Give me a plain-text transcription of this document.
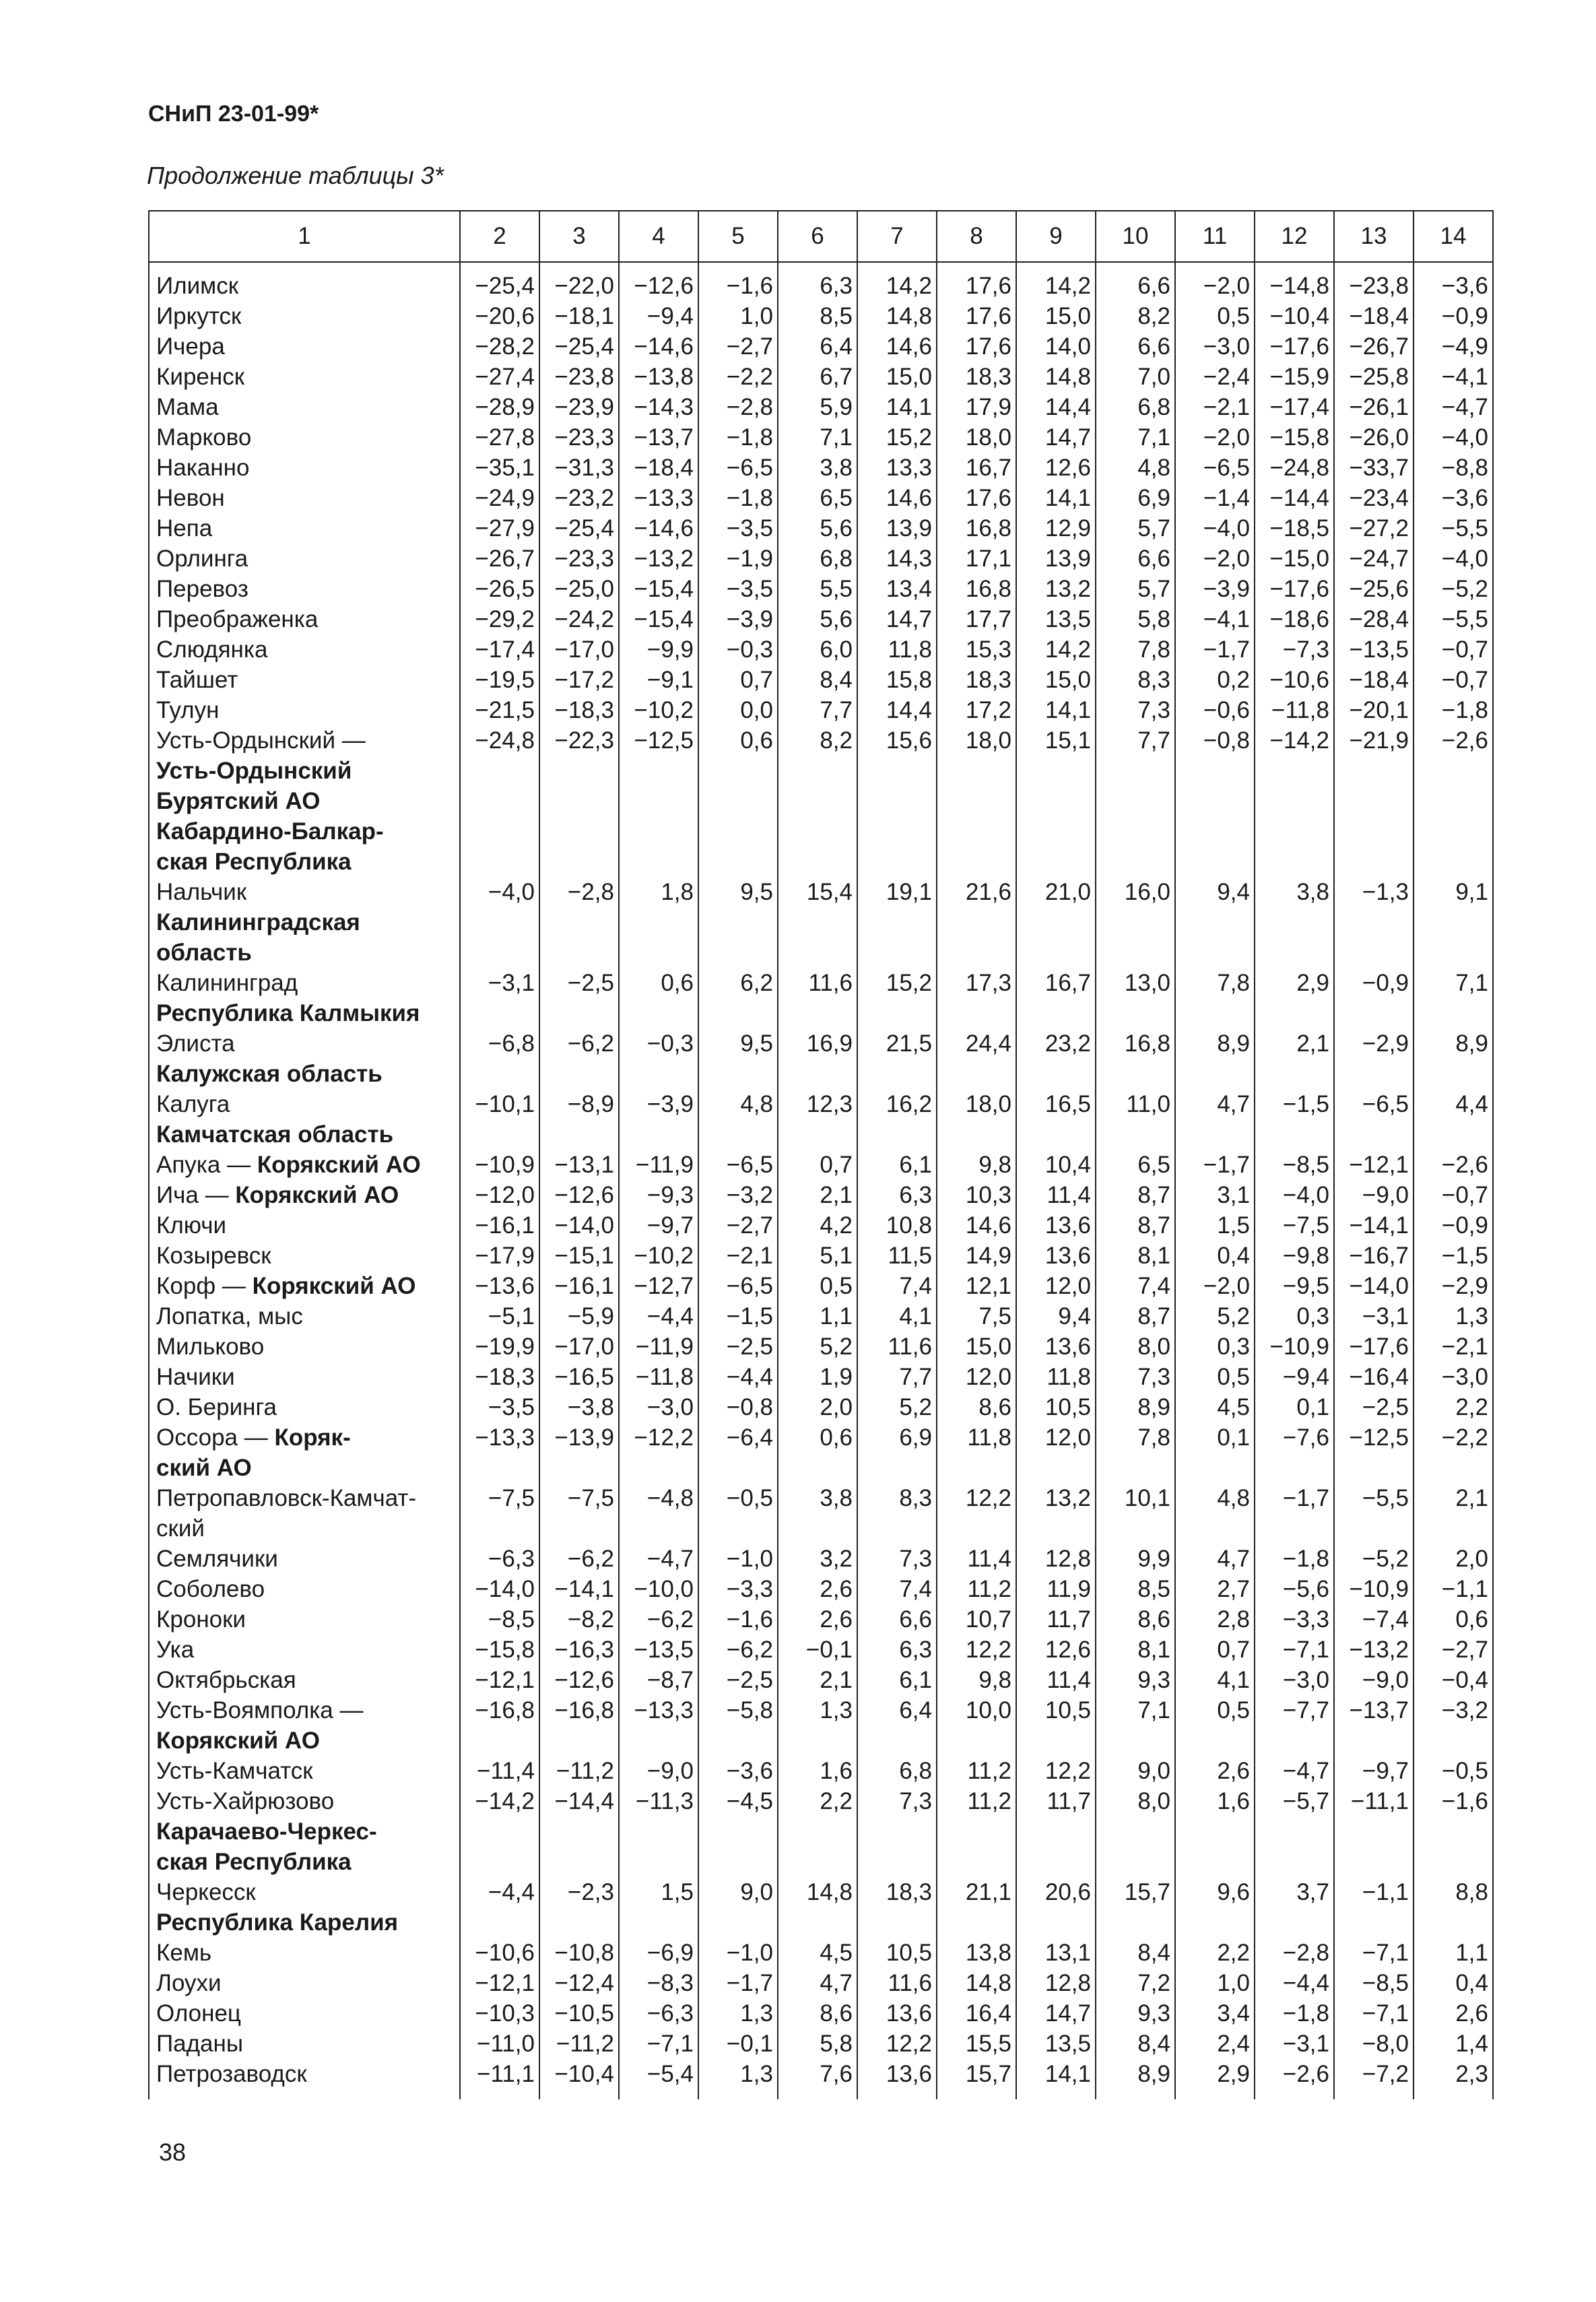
СНиП 23-01-99*
Продолжение таблицы 3*
1	2	3	4	5	6	7	8	9	10	11	12	13	14
Илимск	−25,4	−22,0	−12,6	−1,6	6,3	14,2	17,6	14,2	6,6	−2,0	−14,8	−23,8	−3,6
Иркутск	−20,6	−18,1	−9,4	1,0	8,5	14,8	17,6	15,0	8,2	0,5	−10,4	−18,4	−0,9
Ичера	−28,2	−25,4	−14,6	−2,7	6,4	14,6	17,6	14,0	6,6	−3,0	−17,6	−26,7	−4,9
Киренск	−27,4	−23,8	−13,8	−2,2	6,7	15,0	18,3	14,8	7,0	−2,4	−15,9	−25,8	−4,1
Мама	−28,9	−23,9	−14,3	−2,8	5,9	14,1	17,9	14,4	6,8	−2,1	−17,4	−26,1	−4,7
Марково	−27,8	−23,3	−13,7	−1,8	7,1	15,2	18,0	14,7	7,1	−2,0	−15,8	−26,0	−4,0
Наканно	−35,1	−31,3	−18,4	−6,5	3,8	13,3	16,7	12,6	4,8	−6,5	−24,8	−33,7	−8,8
Невон	−24,9	−23,2	−13,3	−1,8	6,5	14,6	17,6	14,1	6,9	−1,4	−14,4	−23,4	−3,6
Непа	−27,9	−25,4	−14,6	−3,5	5,6	13,9	16,8	12,9	5,7	−4,0	−18,5	−27,2	−5,5
Орлинга	−26,7	−23,3	−13,2	−1,9	6,8	14,3	17,1	13,9	6,6	−2,0	−15,0	−24,7	−4,0
Перевоз	−26,5	−25,0	−15,4	−3,5	5,5	13,4	16,8	13,2	5,7	−3,9	−17,6	−25,6	−5,2
Преображенка	−29,2	−24,2	−15,4	−3,9	5,6	14,7	17,7	13,5	5,8	−4,1	−18,6	−28,4	−5,5
Слюдянка	−17,4	−17,0	−9,9	−0,3	6,0	11,8	15,3	14,2	7,8	−1,7	−7,3	−13,5	−0,7
Тайшет	−19,5	−17,2	−9,1	0,7	8,4	15,8	18,3	15,0	8,3	0,2	−10,6	−18,4	−0,7
Тулун	−21,5	−18,3	−10,2	0,0	7,7	14,4	17,2	14,1	7,3	−0,6	−11,8	−20,1	−1,8
Усть-Ордынский —	−24,8	−22,3	−12,5	0,6	8,2	15,6	18,0	15,1	7,7	−0,8	−14,2	−21,9	−2,6
Усть-Ордынский													
Бурятский АО													
Кабардино-Балкар-													
ская Республика													
Нальчик	−4,0	−2,8	1,8	9,5	15,4	19,1	21,6	21,0	16,0	9,4	3,8	−1,3	9,1
Калининградская													
область													
Калининград	−3,1	−2,5	0,6	6,2	11,6	15,2	17,3	16,7	13,0	7,8	2,9	−0,9	7,1
Республика Калмыкия													
Элиста	−6,8	−6,2	−0,3	9,5	16,9	21,5	24,4	23,2	16,8	8,9	2,1	−2,9	8,9
Калужская область													
Калуга	−10,1	−8,9	−3,9	4,8	12,3	16,2	18,0	16,5	11,0	4,7	−1,5	−6,5	4,4
Камчатская область													
Апука — Корякский АО	−10,9	−13,1	−11,9	−6,5	0,7	6,1	9,8	10,4	6,5	−1,7	−8,5	−12,1	−2,6
Ича — Корякский АО	−12,0	−12,6	−9,3	−3,2	2,1	6,3	10,3	11,4	8,7	3,1	−4,0	−9,0	−0,7
Ключи	−16,1	−14,0	−9,7	−2,7	4,2	10,8	14,6	13,6	8,7	1,5	−7,5	−14,1	−0,9
Козыревск	−17,9	−15,1	−10,2	−2,1	5,1	11,5	14,9	13,6	8,1	0,4	−9,8	−16,7	−1,5
Корф — Корякский АО	−13,6	−16,1	−12,7	−6,5	0,5	7,4	12,1	12,0	7,4	−2,0	−9,5	−14,0	−2,9
Лопатка, мыс	−5,1	−5,9	−4,4	−1,5	1,1	4,1	7,5	9,4	8,7	5,2	0,3	−3,1	1,3
Мильково	−19,9	−17,0	−11,9	−2,5	5,2	11,6	15,0	13,6	8,0	0,3	−10,9	−17,6	−2,1
Начики	−18,3	−16,5	−11,8	−4,4	1,9	7,7	12,0	11,8	7,3	0,5	−9,4	−16,4	−3,0
О. Беринга	−3,5	−3,8	−3,0	−0,8	2,0	5,2	8,6	10,5	8,9	4,5	0,1	−2,5	2,2
Оссора — Коряк-	−13,3	−13,9	−12,2	−6,4	0,6	6,9	11,8	12,0	7,8	0,1	−7,6	−12,5	−2,2
ский АО													
Петропавловск-Камчат-	−7,5	−7,5	−4,8	−0,5	3,8	8,3	12,2	13,2	10,1	4,8	−1,7	−5,5	2,1
ский													
Семлячики	−6,3	−6,2	−4,7	−1,0	3,2	7,3	11,4	12,8	9,9	4,7	−1,8	−5,2	2,0
Соболево	−14,0	−14,1	−10,0	−3,3	2,6	7,4	11,2	11,9	8,5	2,7	−5,6	−10,9	−1,1
Кроноки	−8,5	−8,2	−6,2	−1,6	2,6	6,6	10,7	11,7	8,6	2,8	−3,3	−7,4	0,6
Ука	−15,8	−16,3	−13,5	−6,2	−0,1	6,3	12,2	12,6	8,1	0,7	−7,1	−13,2	−2,7
Октябрьская	−12,1	−12,6	−8,7	−2,5	2,1	6,1	9,8	11,4	9,3	4,1	−3,0	−9,0	−0,4
Усть-Воямполка —	−16,8	−16,8	−13,3	−5,8	1,3	6,4	10,0	10,5	7,1	0,5	−7,7	−13,7	−3,2
Корякский АО													
Усть-Камчатск	−11,4	−11,2	−9,0	−3,6	1,6	6,8	11,2	12,2	9,0	2,6	−4,7	−9,7	−0,5
Усть-Хайрюзово	−14,2	−14,4	−11,3	−4,5	2,2	7,3	11,2	11,7	8,0	1,6	−5,7	−11,1	−1,6
Карачаево-Черкес-													
ская Республика													
Черкесск	−4,4	−2,3	1,5	9,0	14,8	18,3	21,1	20,6	15,7	9,6	3,7	−1,1	8,8
Республика Карелия													
Кемь	−10,6	−10,8	−6,9	−1,0	4,5	10,5	13,8	13,1	8,4	2,2	−2,8	−7,1	1,1
Лоухи	−12,1	−12,4	−8,3	−1,7	4,7	11,6	14,8	12,8	7,2	1,0	−4,4	−8,5	0,4
Олонец	−10,3	−10,5	−6,3	1,3	8,6	13,6	16,4	14,7	9,3	3,4	−1,8	−7,1	2,6
Паданы	−11,0	−11,2	−7,1	−0,1	5,8	12,2	15,5	13,5	8,4	2,4	−3,1	−8,0	1,4
Петрозаводск	−11,1	−10,4	−5,4	1,3	7,6	13,6	15,7	14,1	8,9	2,9	−2,6	−7,2	2,3
38
